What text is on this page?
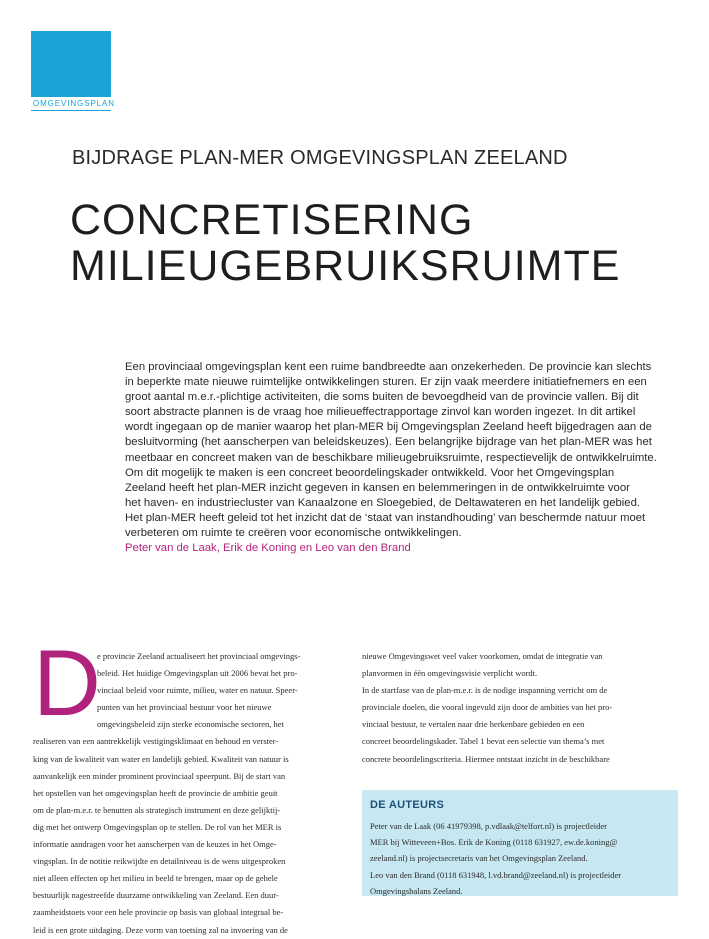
OMGEVINGSPLAN
BIJDRAGE PLAN-MER OMGEVINGSPLAN ZEELAND
CONCRETISERING
MILIEUGEBRUIKSRUIMTE

Een provinciaal omgevingsplan kent een ruime bandbreedte aan onzekerheden. De provincie kan slechts
in beperkte mate nieuwe ruimtelijke ontwikkelingen sturen. Er zijn vaak meerdere initiatiefnemers en een
groot aantal m.e.r.-plichtige activiteiten, die soms buiten de bevoegdheid van de provincie vallen. Bij dit
soort abstracte plannen is de vraag hoe milieueffectrapportage zinvol kan worden ingezet. In dit artikel
wordt ingegaan op de manier waarop het plan-MER bij Omgevingsplan Zeeland heeft bijgedragen aan de
besluitvorming (het aanscherpen van beleidskeuzes). Een belangrijke bijdrage van het plan-MER was het
meetbaar en concreet maken van de beschikbare milieugebruiksruimte, respectievelijk de ontwikkelruimte.
Om dit mogelijk te maken is een concreet beoordelingskader ontwikkeld. Voor het Omgevingsplan
Zeeland heeft het plan-MER inzicht gegeven in kansen en belemmeringen in de ontwikkelruimte voor
het haven- en industriecluster van Kanaalzone en Sloegebied, de Deltawateren en het landelijk gebied.
Het plan-MER heeft geleid tot het inzicht dat de ‘staat van instandhouding’ van beschermde natuur moet
verbeteren om ruimte te creëren voor economische ontwikkelingen.
Peter van de Laak, Erik de Koning en Leo van den Brand

D
e provincie Zeeland actualiseert het provinciaal omgevings-
beleid. Het huidige Omgevingsplan uit 2006 bevat het pro-
vinciaal beleid voor ruimte, milieu, water en natuur. Speer-
punten van het provinciaal bestuur voor het nieuwe
omgevingsbeleid zijn sterke economische sectoren, het
realiseren van een aantrekkelijk vestigingsklimaat en behoud en verster-
king van de kwaliteit van water en landelijk gebied. Kwaliteit van natuur is
aanvankelijk een minder prominent provinciaal speerpunt. Bij de start van
het opstellen van het omgevingsplan heeft de provincie de ambitie geuit
om de plan-m.e.r. te benutten als strategisch instrument en deze gelijktij-
dig met het ontwerp Omgevingsplan op te stellen. De rol van het MER is
informatie aandragen voor het aanscherpen van de keuzes in het Omge-
vingsplan. In de notitie reikwijdte en detailniveau is de wens uitgesproken
niet alleen effecten op het milieu in beeld te brengen, maar op de gehele
bestuurlijk nagestreefde duurzame ontwikkeling van Zeeland. Een duur-
zaamheidstoets voor een hele provincie op basis van globaal integraal be-
leid is een grote uitdaging. Deze vorm van toetsing zal na invoering van de
nieuwe Omgevingswet veel vaker voorkomen, omdat de integratie van
planvormen in één omgevingsvisie verplicht wordt.
In de startfase van de plan-m.e.r. is de nodige inspanning verricht om de
provinciale doelen, die vooral ingevuld zijn door de ambities van het pro-
vinciaal bestuur, te vertalen naar drie herkenbare gebieden en een
concreet beoordelingskader. Tabel 1 bevat een selectie van thema’s met
concrete beoordelingscriteria. Hiermee ontstaat inzicht in de beschikbare
DE AUTEURS
Peter van de Laak (06 41979398, p.vdlaak@telfort.nl) is projectleider
MER bij Witteveen+Bos. Erik de Koning (0118 631927, ew.de.koning@
zeeland.nl) is projectsecretaris van het Omgevingsplan Zeeland.
Leo van den Brand (0118 631948, l.vd.brand@zeeland.nl) is projectleider
Omgevingsbalans Zeeland.
